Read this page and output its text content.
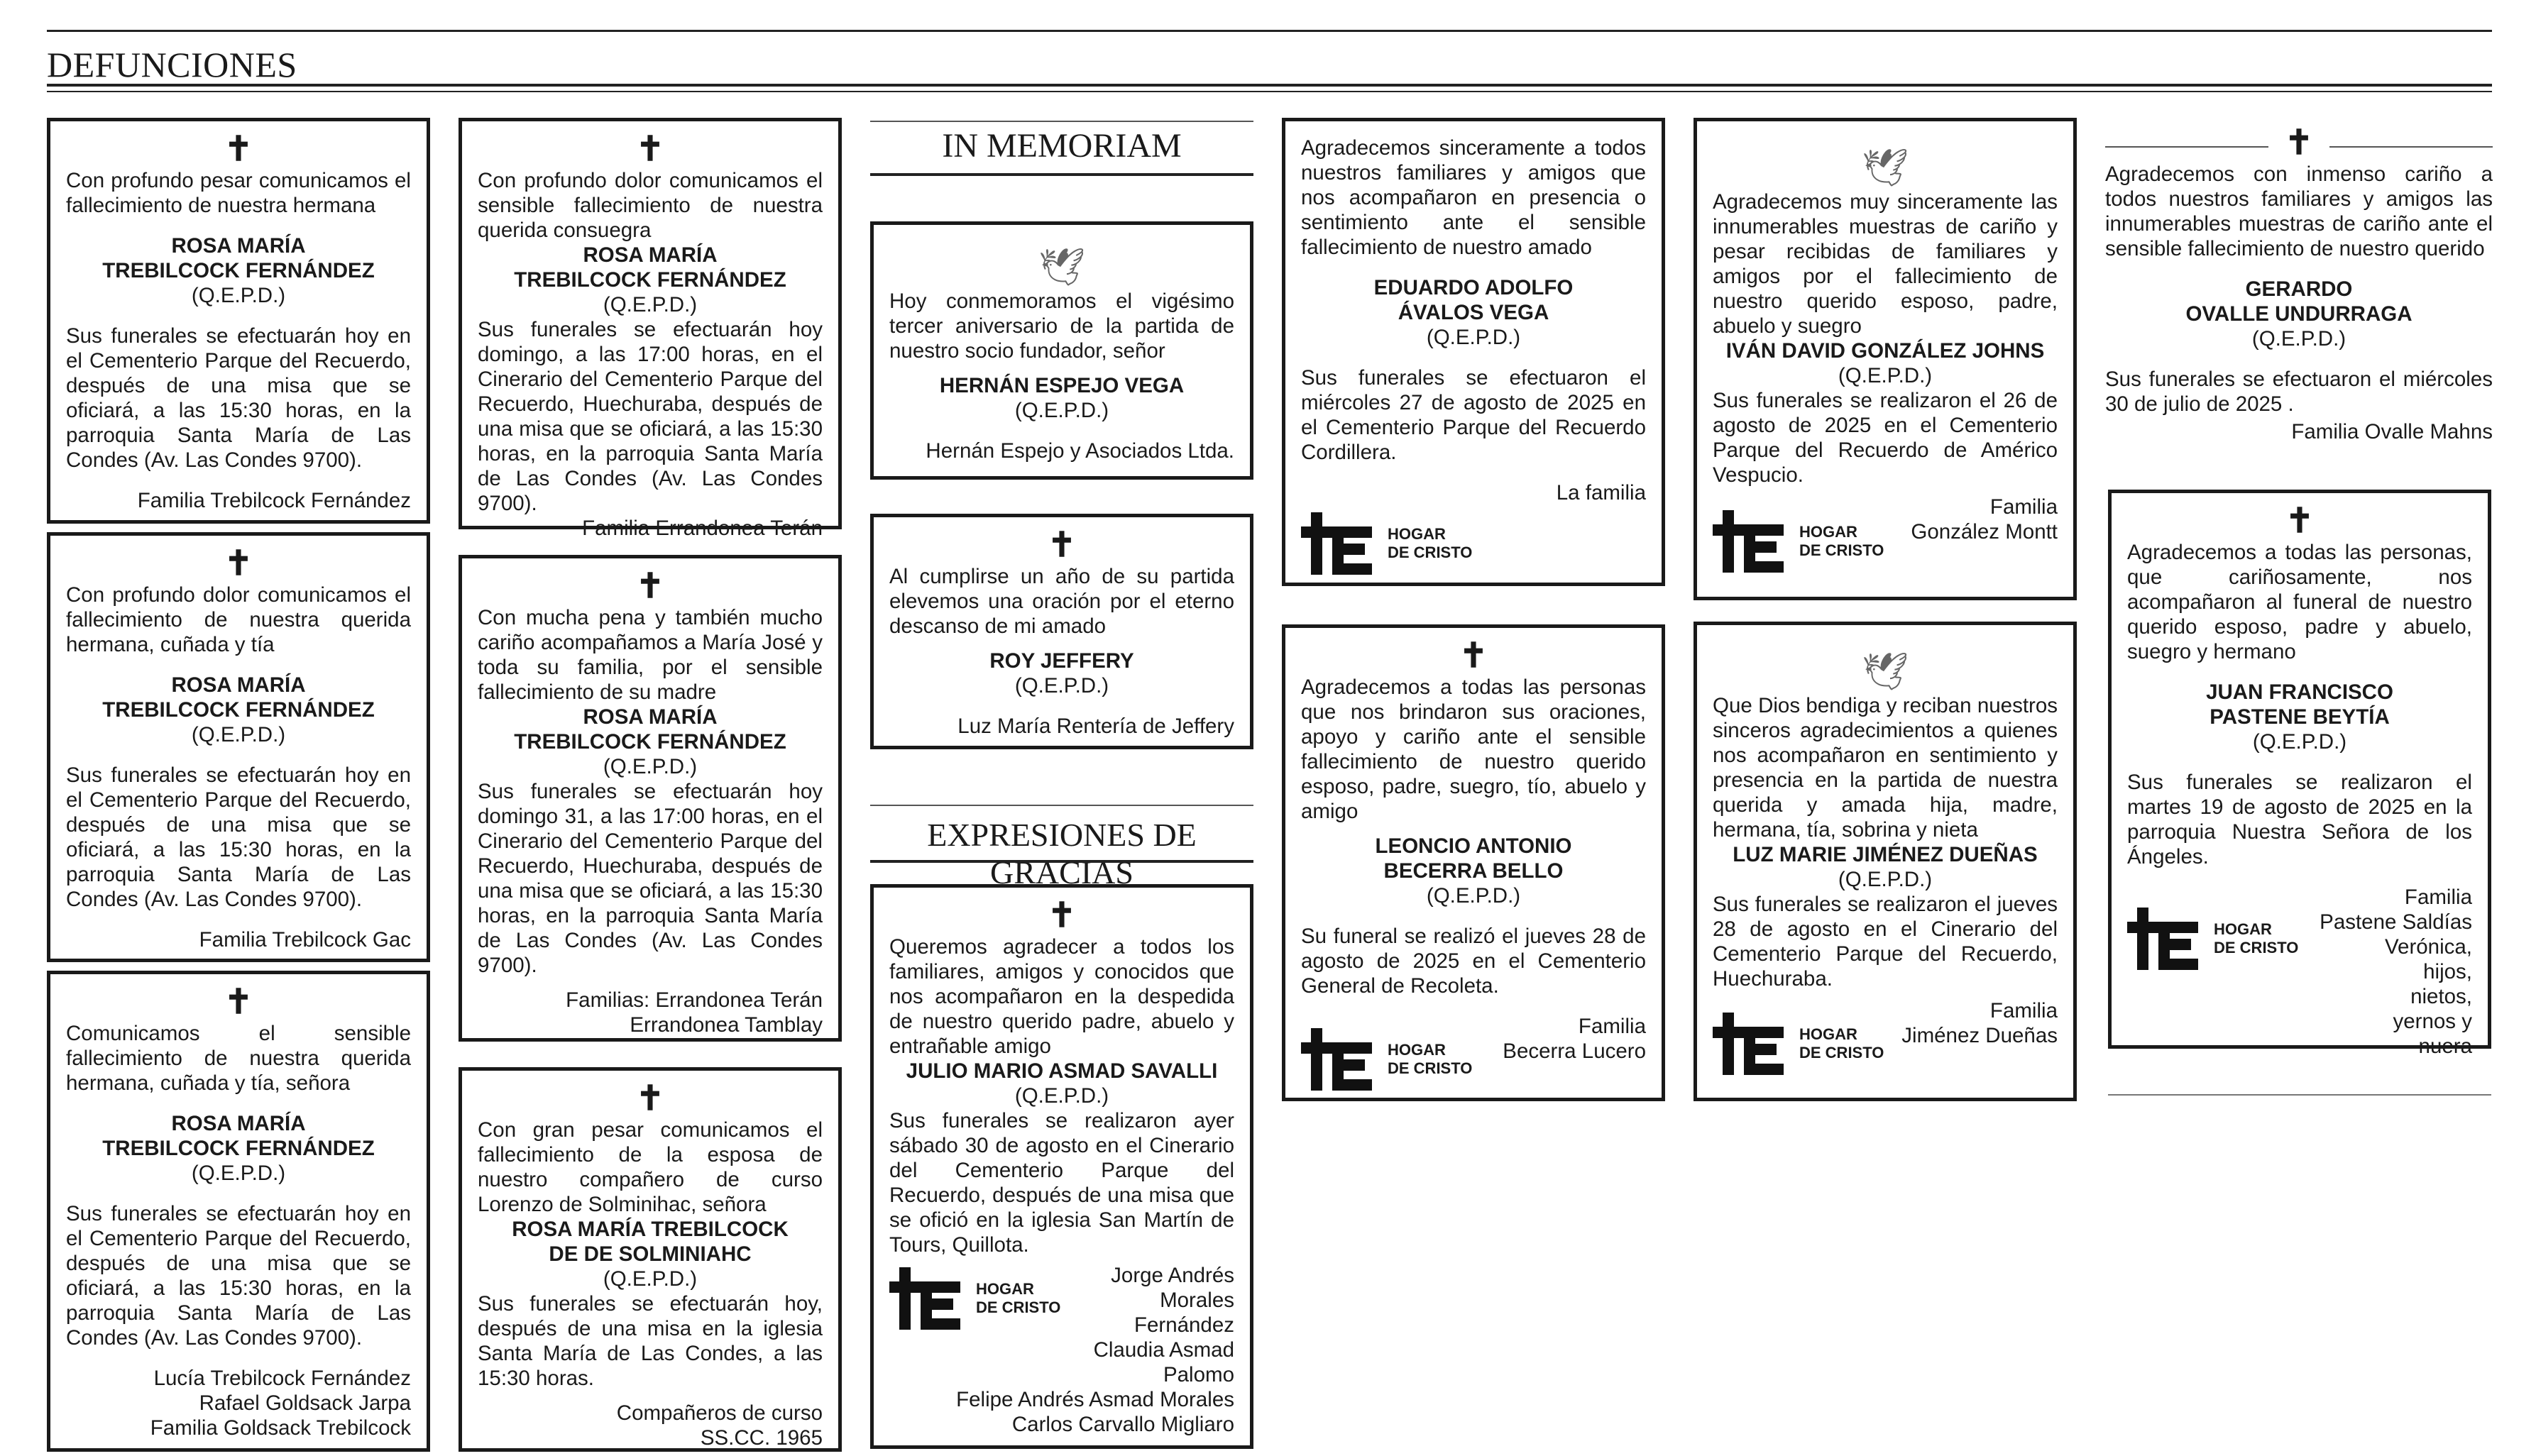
DEFUNCIONES
✝

Con profundo pesar comunicamos el fallecimiento de nuestra hermana

ROSA MARÍA
TREBILCOCK FERNÁNDEZ
(Q.E.P.D.)

Sus funerales se efectuarán hoy en el Cementerio Parque del Recuerdo, después de una misa que se oficiará, a las 15:30 horas, en la parroquia Santa María de Las Condes (Av. Las Condes 9700).

Familia Trebilcock Fernández
✝

Con profundo dolor comunicamos el fallecimiento de nuestra querida hermana, cuñada y tía

ROSA MARÍA
TREBILCOCK FERNÁNDEZ
(Q.E.P.D.)

Sus funerales se efectuarán hoy en el Cementerio Parque del Recuerdo, después de una misa que se oficiará, a las 15:30 horas, en la parroquia Santa María de Las Condes (Av. Las Condes 9700).

Familia Trebilcock Gac
✝

Comunicamos el sensible fallecimiento de nuestra querida hermana, cuñada y tía, señora

ROSA MARÍA
TREBILCOCK FERNÁNDEZ
(Q.E.P.D.)

Sus funerales se efectuarán hoy en el Cementerio Parque del Recuerdo, después de una misa que se oficiará, a las 15:30 horas, en la parroquia Santa María de Las Condes (Av. Las Condes 9700).

Lucía Trebilcock Fernández
Rafael Goldsack Jarpa
Familia Goldsack Trebilcock
✝

Con profundo dolor comunicamos el sensible fallecimiento de nuestra querida consuegra

ROSA MARÍA
TREBILCOCK FERNÁNDEZ
(Q.E.P.D.)

Sus funerales se efectuarán hoy domingo, a las 17:00 horas, en el Cinerario del Cementerio Parque del Recuerdo, Huechuraba, después de una misa que se oficiará, a las 15:30 horas, en la parroquia Santa María de Las Condes (Av. Las Condes 9700).

Familia Errandonea Terán
✝

Con mucha pena y también mucho cariño acompañamos a María José y toda su familia, por el sensible fallecimiento de su madre

ROSA MARÍA
TREBILCOCK FERNÁNDEZ
(Q.E.P.D.)

Sus funerales se efectuarán hoy domingo 31, a las 17:00 horas, en el Cinerario del Cementerio Parque del Recuerdo, Huechuraba, después de una misa que se oficiará, a las 15:30 horas, en la parroquia Santa María de Las Condes (Av. Las Condes 9700).

Familias: Errandonea Terán
Errandonea Tamblay
✝

Con gran pesar comunicamos el fallecimiento de la esposa de nuestro compañero de curso Lorenzo de Solminihac, señora

ROSA MARÍA TREBILCOCK
DE DE SOLMINIAHC
(Q.E.P.D.)

Sus funerales se efectuarán hoy, después de una misa en la iglesia Santa María de Las Condes, a las 15:30 horas.

Compañeros de curso
SS.CC. 1965
IN MEMORIAM
🕊

Hoy conmemoramos el vigésimo tercer aniversario de la partida de nuestro socio fundador, señor

HERNÁN ESPEJO VEGA
(Q.E.P.D.)
Hernán Espejo y Asociados Ltda.
✝

Al cumplirse un año de su partida elevemos una oración por el eterno descanso de mi amado

ROY JEFFERY
(Q.E.P.D.)
Luz María Rentería de Jeffery
EXPRESIONES DE GRACIAS
✝

Queremos agradecer a todos los familiares, amigos y conocidos que nos acompañaron en la despedida de nuestro querido padre, abuelo y entrañable amigo

JULIO MARIO ASMAD SAVALLI
(Q.E.P.D.)

Sus funerales se realizaron ayer sábado 30 de agosto en el Cinerario del Cementerio Parque del Recuerdo, después de una misa que se ofició en la iglesia San Martín de Tours, Quillota.

HOGAR
DE CRISTO
Jorge Andrés
Morales
Fernández
Claudia Asmad
Palomo
Felipe Andrés Asmad Morales
Carlos Carvallo Migliaro

Agradecemos sinceramente a todos nuestros familiares y amigos que nos acompañaron en presencia o sentimiento ante el sensible fallecimiento de nuestro amado

EDUARDO ADOLFO
ÁVALOS VEGA
(Q.E.P.D.)

Sus funerales se efectuaron el miércoles 27 de agosto de 2025 en el Cementerio Parque del Recuerdo Cordillera.

La familia
HOGAR
DE CRISTO
✝

Agradecemos a todas las personas que nos brindaron sus oraciones, apoyo y cariño ante el sensible fallecimiento de nuestro querido esposo, padre, suegro, tío, abuelo y amigo

LEONCIO ANTONIO
BECERRA BELLO
(Q.E.P.D.)

Su funeral se realizó el jueves 28 de agosto de 2025 en el Cementerio General de Recoleta.

HOGAR
DE CRISTO
Familia
Becerra Lucero
🕊

Agradecemos muy sinceramente las innumerables muestras de cariño y pesar recibidas de familiares y amigos por el fallecimiento de nuestro querido esposo, padre, abuelo y suegro

IVÁN DAVID GONZÁLEZ JOHNS
(Q.E.P.D.)

Sus funerales se realizaron el 26 de agosto de 2025 en el Cementerio Parque del Recuerdo de Américo Vespucio.

HOGAR
DE CRISTO
Familia
González Montt
🕊

Que Dios bendiga y reciban nuestros sinceros agradecimientos a quienes nos acompañaron en sentimiento y presencia en la partida de nuestra querida y amada hija, madre, hermana, tía, sobrina y nieta

LUZ MARIE JIMÉNEZ DUEÑAS
(Q.E.P.D.)

Sus funerales se realizaron el jueves 28 de agosto en el Cinerario del Cementerio Parque del Recuerdo, Huechuraba.

HOGAR
DE CRISTO
Familia
Jiménez Dueñas
✝

Agradecemos con inmenso cariño a todos nuestros familiares y amigos las innumerables muestras de cariño ante el sensible fallecimiento de nuestro querido

GERARDO
OVALLE UNDURRAGA
(Q.E.P.D.)

Sus funerales se efectuaron el miércoles 30 de julio de 2025 .

Familia Ovalle Mahns
✝

Agradecemos a todas las personas, que cariñosamente, nos acompañaron al funeral de nuestro querido esposo, padre y abuelo, suegro y hermano

JUAN FRANCISCO
PASTENE BEYTÍA
(Q.E.P.D.)

Sus funerales se realizaron el martes 19 de agosto de 2025 en la parroquia Nuestra Señora de los Ángeles.

HOGAR
DE CRISTO
Familia
Pastene Saldías
Verónica,
hijos,
nietos,
yernos y
nuera
